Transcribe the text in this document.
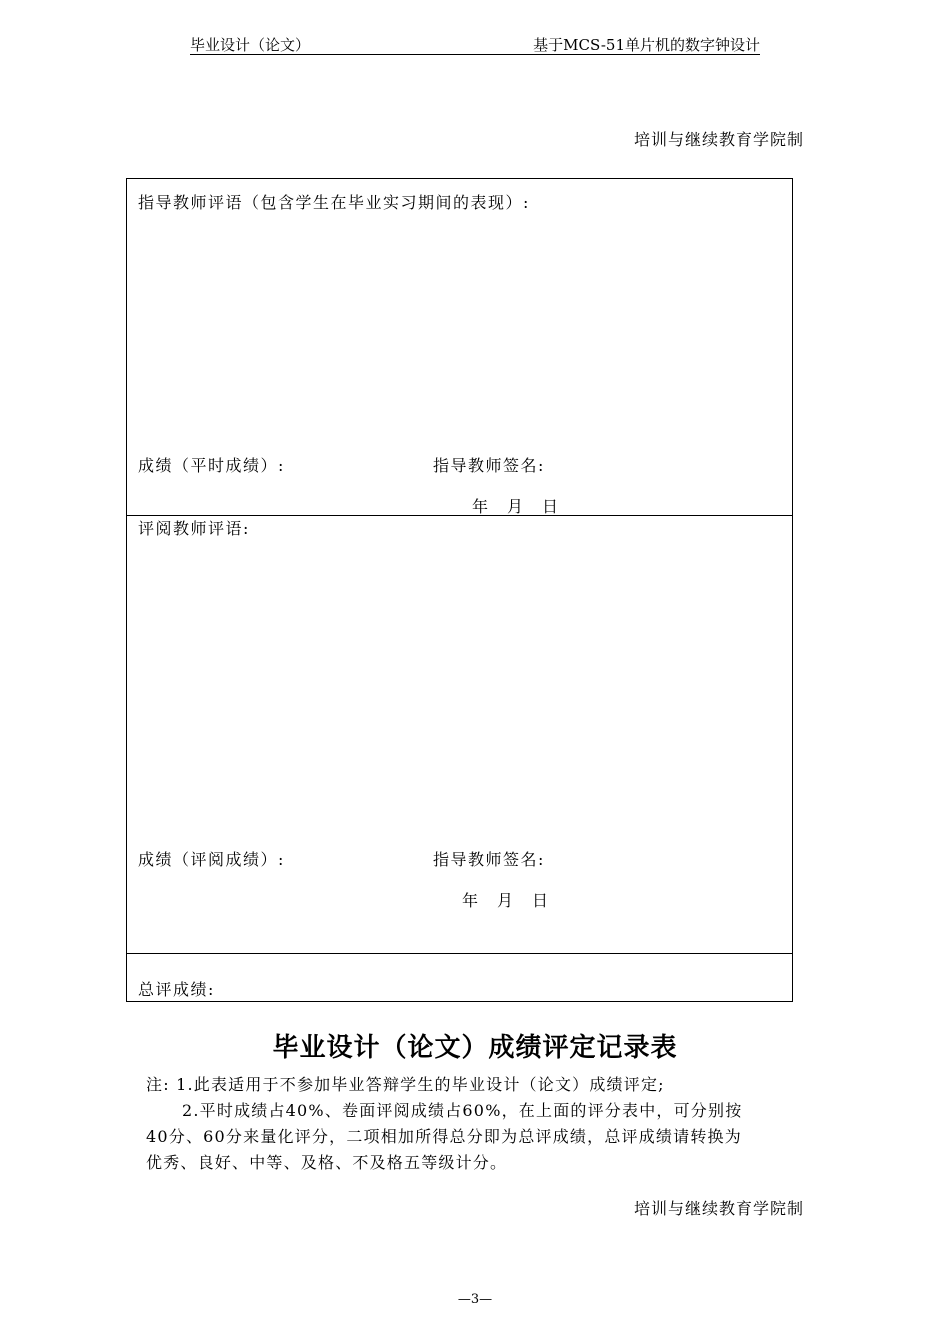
毕业设计（论文）	基于MCS-51单片机的数字钟设计
培训与继续教育学院制
指导教师评语（包含学生在毕业实习期间的表现）:
成绩（平时成绩）:	指导教师签名:
年　月　日
评阅教师评语:
成绩（评阅成绩）:	指导教师签名:
年　月　日
总评成绩:
毕业设计（论文）成绩评定记录表
注: 1.此表适用于不参加毕业答辩学生的毕业设计（论文）成绩评定;
2.平时成绩占40%、卷面评阅成绩占60%，在上面的评分表中，可分别按
40分、60分来量化评分，二项相加所得总分即为总评成绩，总评成绩请转换为
优秀、良好、中等、及格、不及格五等级计分。
培训与继续教育学院制
—3—
